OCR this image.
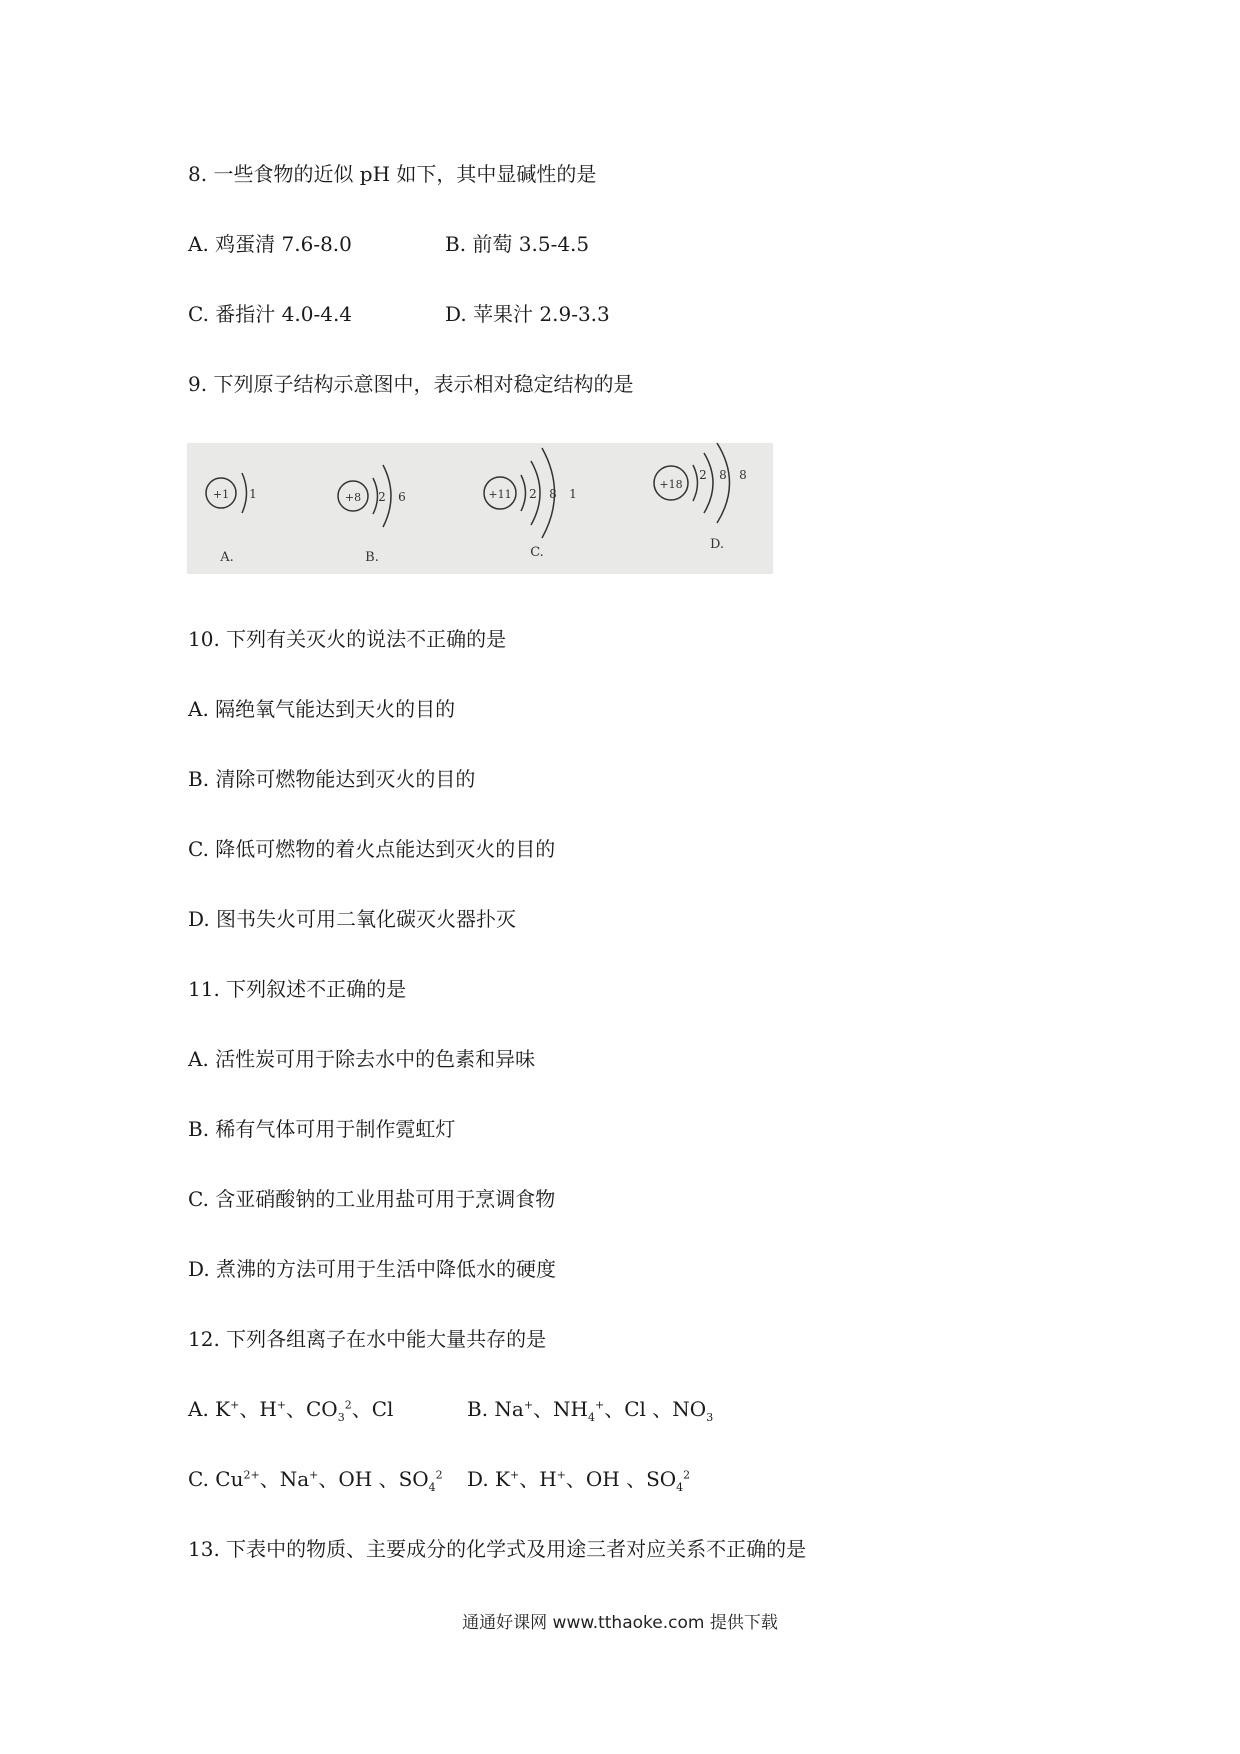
8. 一些食物的近似 pH 如下，其中显碱性的是
A. 鸡蛋清 7.6-8.0	B. 前萄 3.5-4.5
C. 番指汁 4.0-4.4	D. 苹果汁 2.9-3.3
9. 下列原子结构示意图中，表示相对稳定结构的是
+1 1
A.
+8 2 6
B.
+11 2 8 1
C.
+18
2 8 8
D.
10. 下列有关灭火的说法不正确的是
A. 隔绝氧气能达到天火的目的
B. 清除可燃物能达到灭火的目的
C. 降低可燃物的着火点能达到灭火的目的
D. 图书失火可用二氧化碳灭火器扑灭
11. 下列叙述不正确的是
A. 活性炭可用于除去水中的色素和异味
B. 稀有气体可用于制作霓虹灯
C. 含亚硝酸钠的工业用盐可用于烹调食物
D. 煮沸的方法可用于生活中降低水的硬度
12. 下列各组离子在水中能大量共存的是
A. K+、H+、$CO_3^2$、Cl	B. Na+、$NH_4^+$、Cl 、$NO_3$
C. $Cu^{2+}$、Na+、OH 、$SO_4^2$ D. K+、H+、OH 、$SO_4^2$
13. 下表中的物质、主要成分的化学式及用途三者对应关系不正确的是
通通好课网 www.tthaoke.com 提供下载
